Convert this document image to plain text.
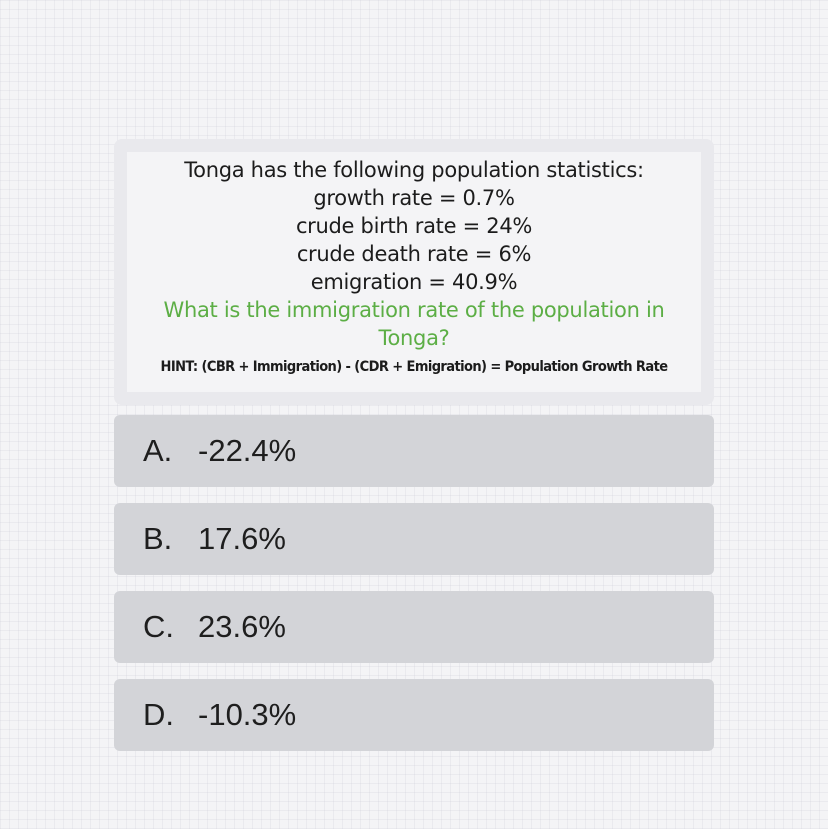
Tonga has the following population statistics:
growth rate = 0.7%
crude birth rate = 24%
crude death rate = 6%
emigration = 40.9%
What is the immigration rate of the population in Tonga?
HINT: (CBR + Immigration) - (CDR + Emigration) = Population Growth Rate
A. -22.4%
B. 17.6%
C. 23.6%
D. -10.3%
